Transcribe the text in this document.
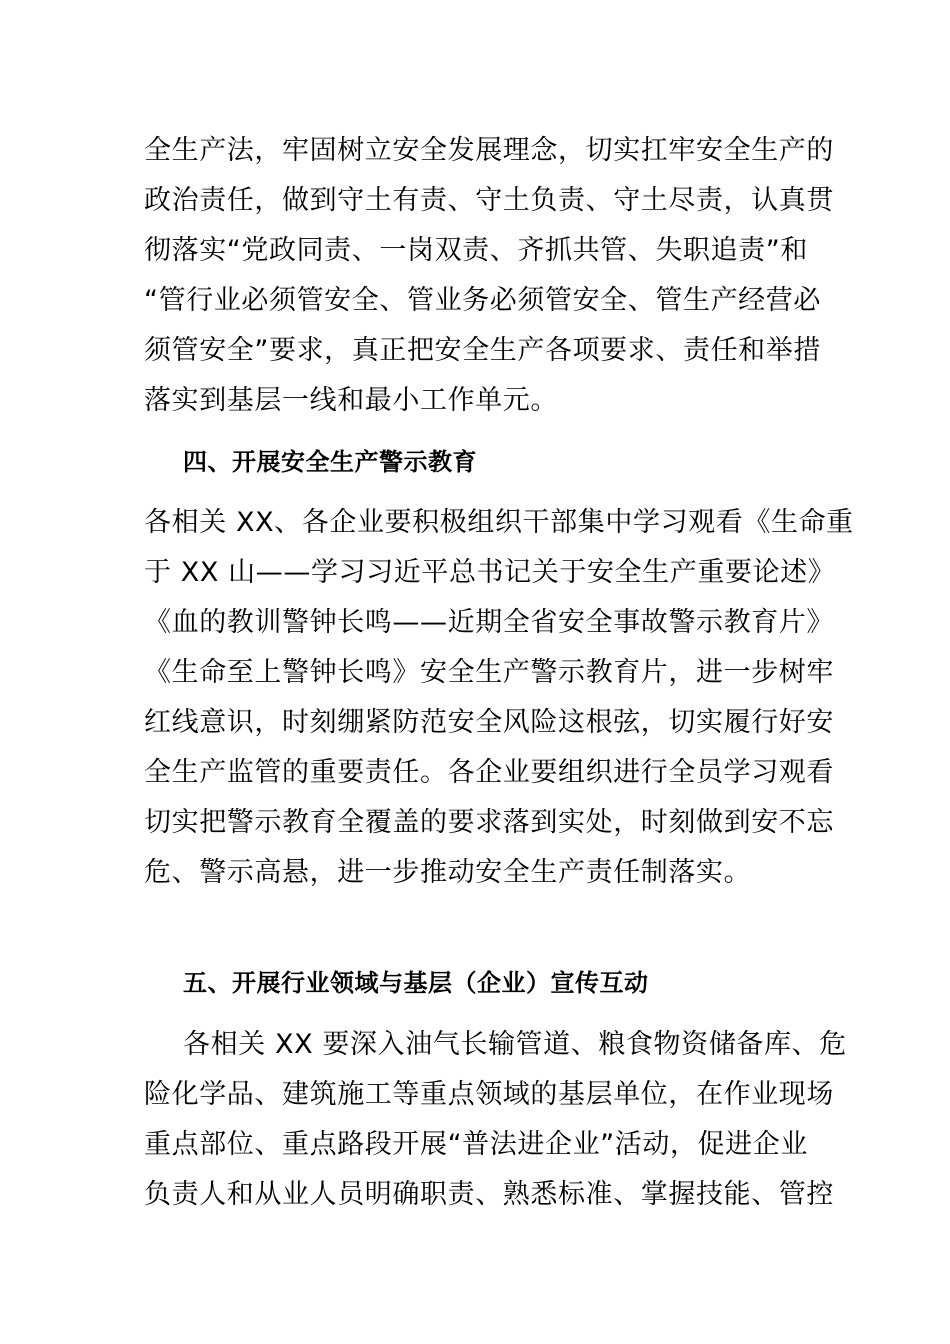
全生产法，牢固树立安全发展理念，切实扛牢安全生产的
政治责任，做到守土有责、守土负责、守土尽责，认真贯
彻落实“党政同责、一岗双责、齐抓共管、失职追责”和
“管行业必须管安全、管业务必须管安全、管生产经营必
须管安全”要求，真正把安全生产各项要求、责任和举措
落实到基层一线和最小工作单元。
四、开展安全生产警示教育
各相关 XX、各企业要积极组织干部集中学习观看《生命重
于 XX 山——学习习近平总书记关于安全生产重要论述》
《血的教训警钟长鸣——近期全省安全事故警示教育片》
《生命至上警钟长鸣》安全生产警示教育片，进一步树牢
红线意识，时刻绷紧防范安全风险这根弦，切实履行好安
全生产监管的重要责任。各企业要组织进行全员学习观看
切实把警示教育全覆盖的要求落到实处，时刻做到安不忘
危、警示高悬，进一步推动安全生产责任制落实。
五、开展行业领域与基层（企业）宣传互动
各相关 XX 要深入油气长输管道、粮食物资储备库、危
险化学品、建筑施工等重点领域的基层单位，在作业现场
重点部位、重点路段开展“普法进企业”活动，促进企业
负责人和从业人员明确职责、熟悉标准、掌握技能、管控
